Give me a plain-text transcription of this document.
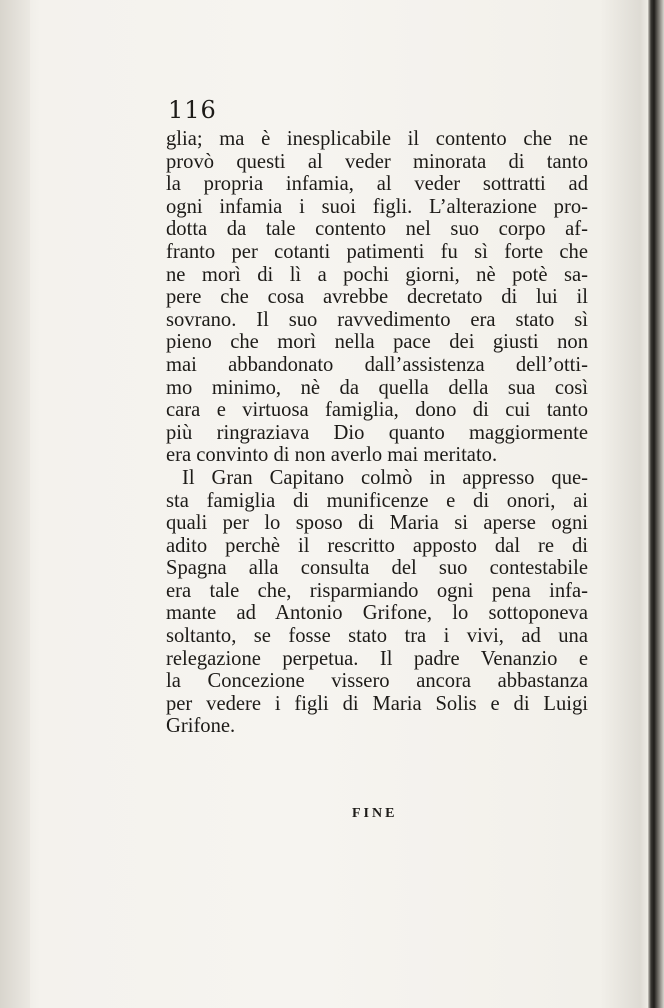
116
glia; ma è inesplicabile il contento che ne
provò questi al veder minorata di tanto
la propria infamia, al veder sottratti ad
ogni infamia i suoi figli. L’alterazione pro-
dotta da tale contento nel suo corpo af-
franto per cotanti patimenti fu sì forte che
ne morì di lì a pochi giorni, nè potè sa-
pere che cosa avrebbe decretato di lui il
sovrano. Il suo ravvedimento era stato sì
pieno che morì nella pace dei giusti non
mai abbandonato dall’assistenza dell’otti-
mo minimo, nè da quella della sua così
cara e virtuosa famiglia, dono di cui tanto
più ringraziava Dio quanto maggiormente
era convinto di non averlo mai meritato.
Il Gran Capitano colmò in appresso que-
sta famiglia di munificenze e di onori, ai
quali per lo sposo di Maria si aperse ogni
adito perchè il rescritto apposto dal re di
Spagna alla consulta del suo contestabile
era tale che, risparmiando ogni pena infa-
mante ad Antonio Grifone, lo sottoponeva
soltanto, se fosse stato tra i vivi, ad una
relegazione perpetua. Il padre Venanzio e
la Concezione vissero ancora abbastanza
per vedere i figli di Maria Solis e di Luigi
Grifone.
FINE
